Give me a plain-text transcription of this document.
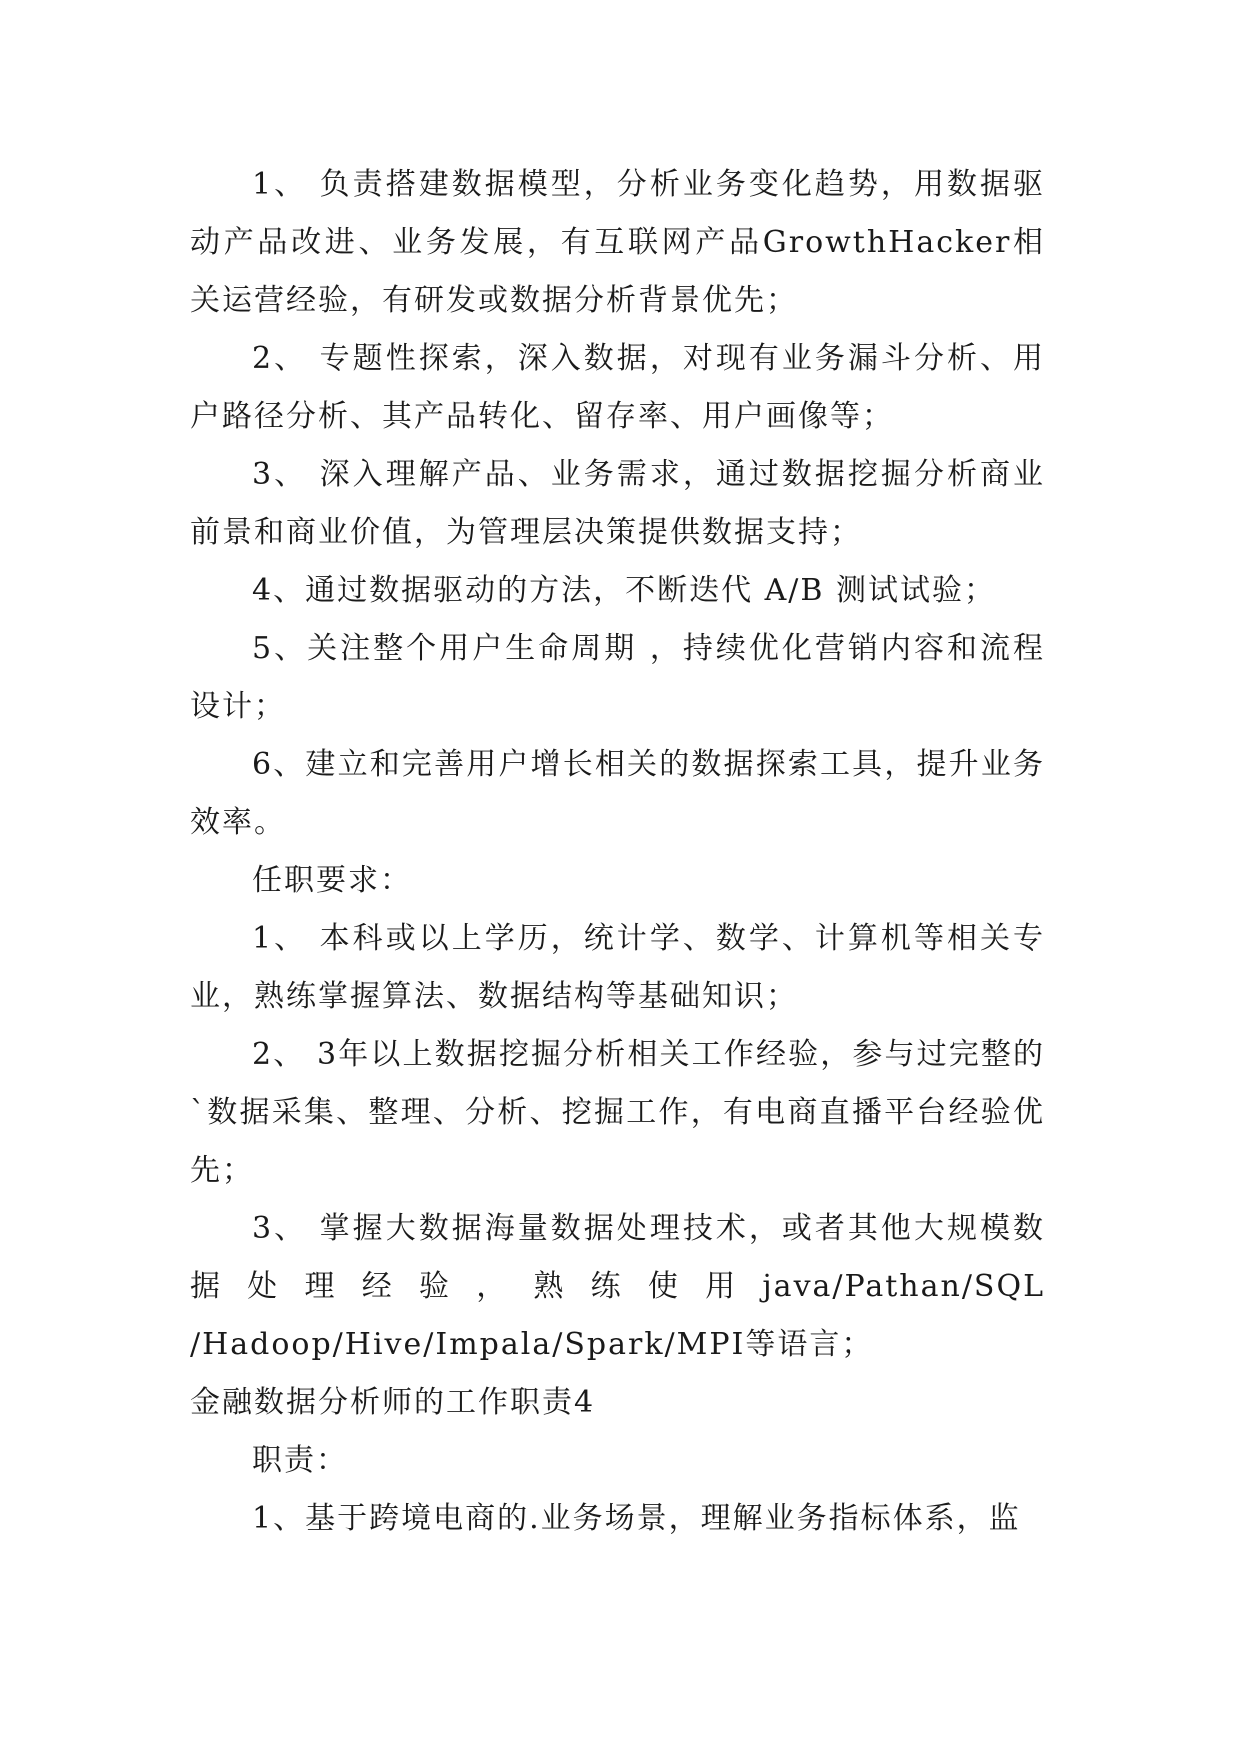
1、 负责搭建数据模型，分析业务变化趋势，用数据驱动产品改进、业务发展，有互联网产品GrowthHacker相关运营经验，有研发或数据分析背景优先；

2、 专题性探索，深入数据，对现有业务漏斗分析、用户路径分析、其产品转化、留存率、用户画像等；

3、 深入理解产品、业务需求，通过数据挖掘分析商业前景和商业价值，为管理层决策提供数据支持；

4、通过数据驱动的方法，不断迭代 A/B 测试试验；

5、关注整个用户生命周期 ，持续优化营销内容和流程设计；

6、建立和完善用户增长相关的数据探索工具，提升业务效率。

任职要求：

1、 本科或以上学历，统计学、数学、计算机等相关专业，熟练掌握算法、数据结构等基础知识；

2、 3年以上数据挖掘分析相关工作经验，参与过完整的`数据采集、整理、分析、挖掘工作，有电商直播平台经验优先；

3、 掌握大数据海量数据处理技术，或者其他大规模数据 处 理 经 验 ， 熟 练 使 用 java/Pathan/SQL /Hadoop/Hive/Impala/Spark/MPI等语言；

金融数据分析师的工作职责4

职责：

1、基于跨境电商的.业务场景，理解业务指标体系，监
